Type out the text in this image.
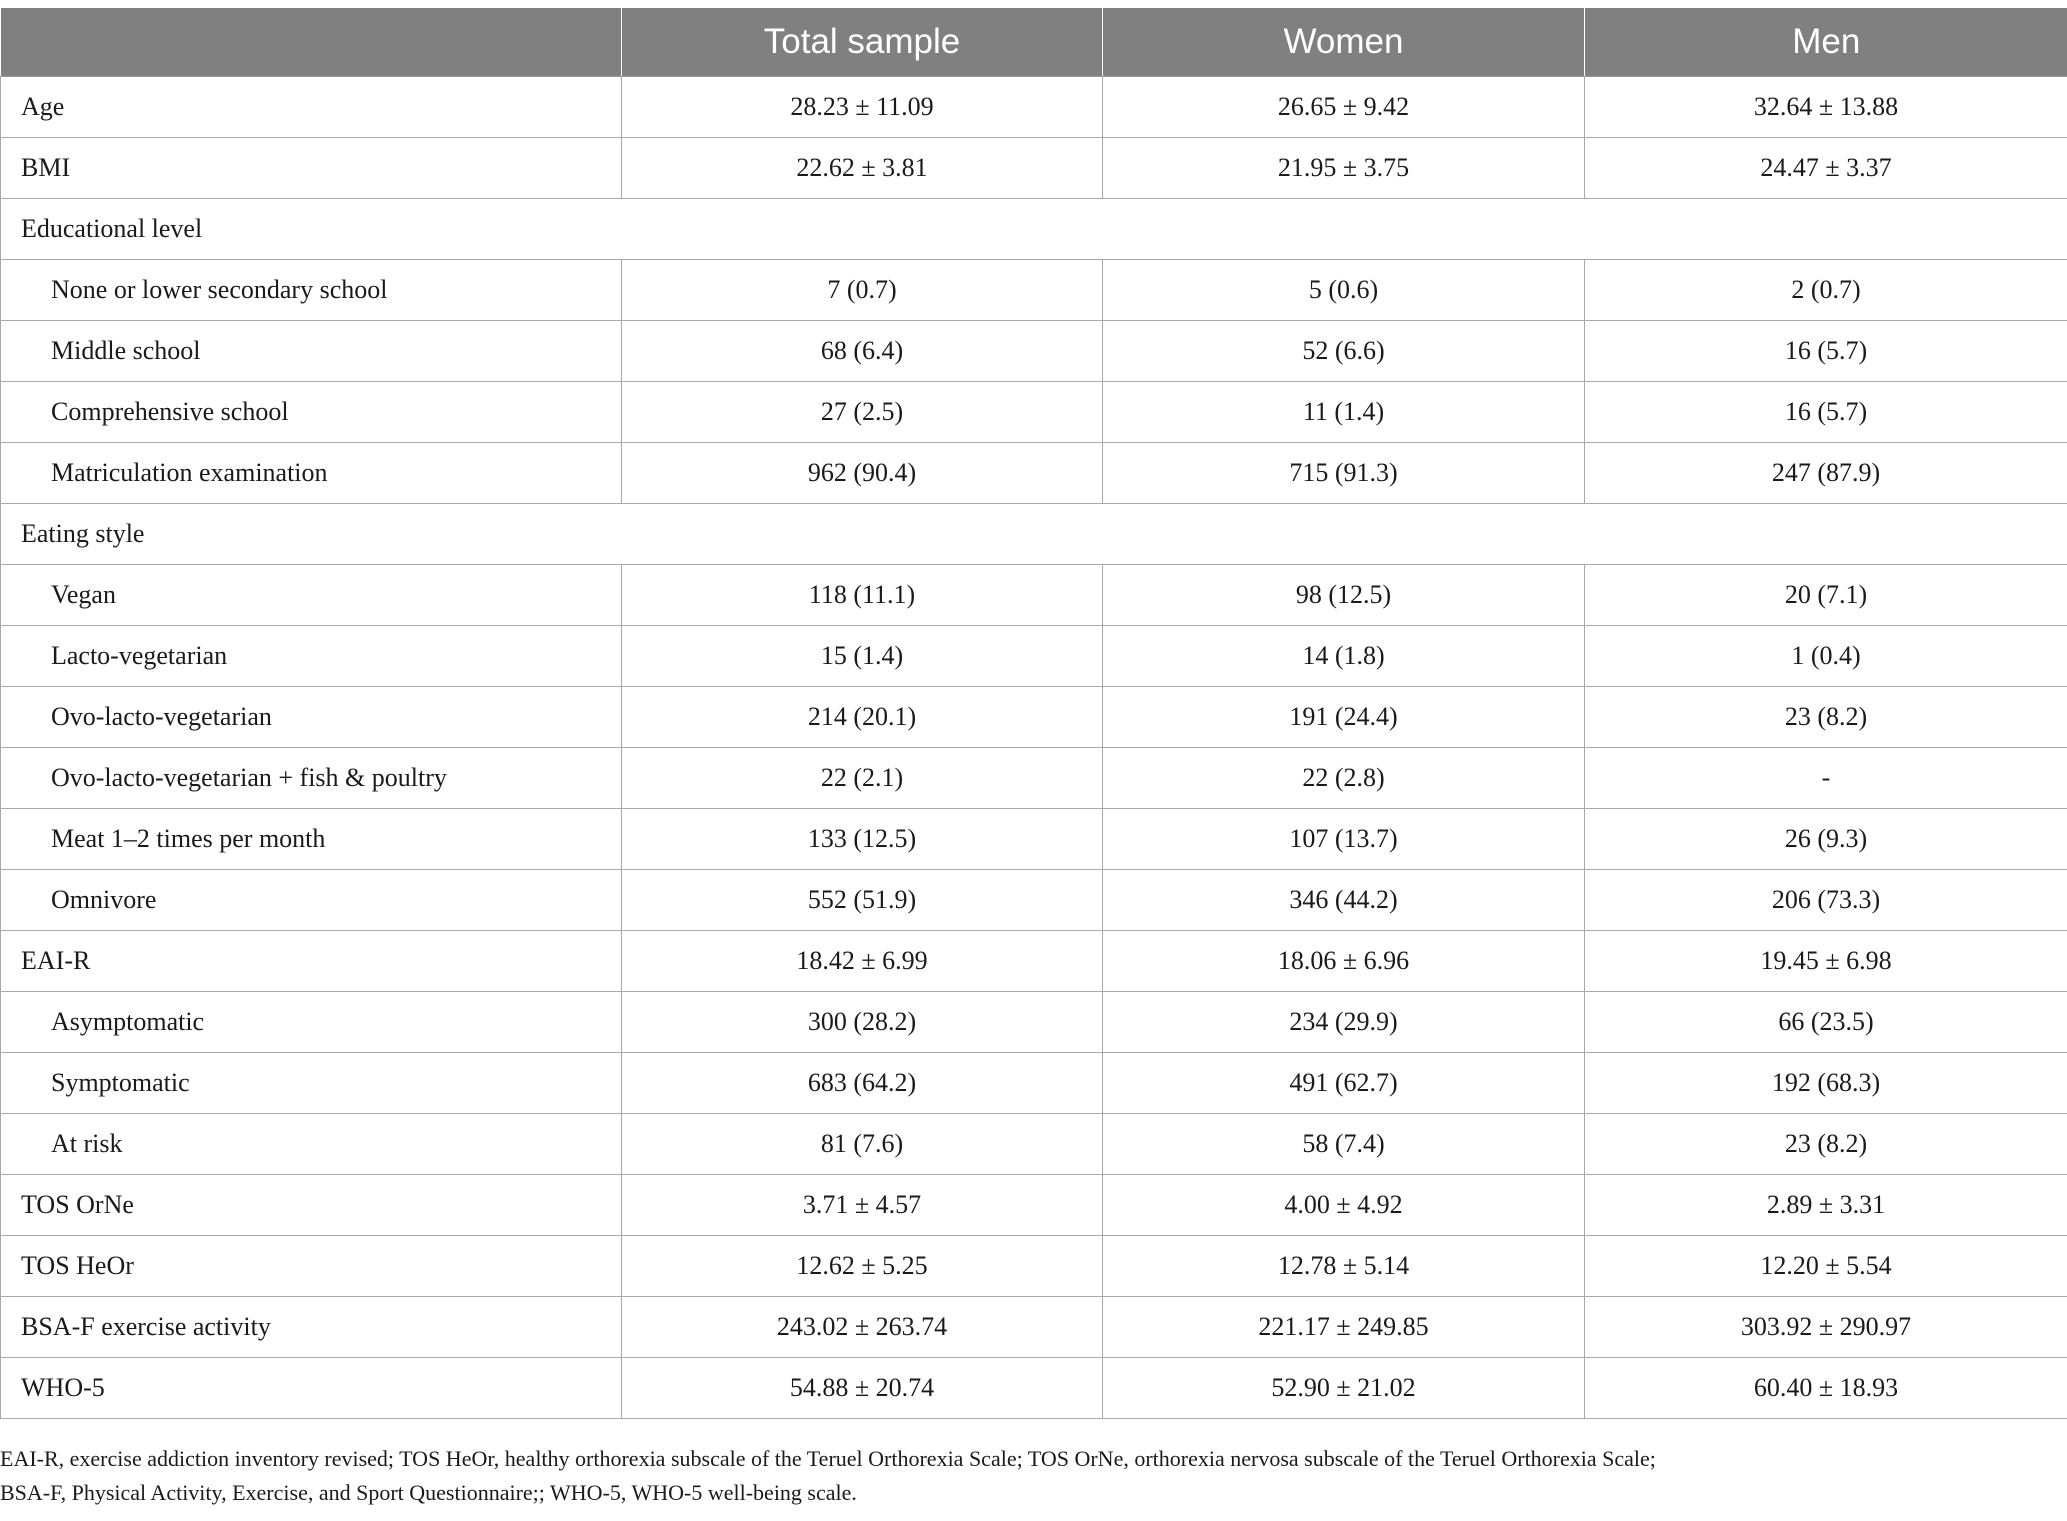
	Total sample	Women	Men
Age	28.23 ± 11.09	26.65 ± 9.42	32.64 ± 13.88
BMI	22.62 ± 3.81	21.95 ± 3.75	24.47 ± 3.37
Educational level			
None or lower secondary school	7 (0.7)	5 (0.6)	2 (0.7)
Middle school	68 (6.4)	52 (6.6)	16 (5.7)
Comprehensive school	27 (2.5)	11 (1.4)	16 (5.7)
Matriculation examination	962 (90.4)	715 (91.3)	247 (87.9)
Eating style			
Vegan	118 (11.1)	98 (12.5)	20 (7.1)
Lacto-vegetarian	15 (1.4)	14 (1.8)	1 (0.4)
Ovo-lacto-vegetarian	214 (20.1)	191 (24.4)	23 (8.2)
Ovo-lacto-vegetarian + fish & poultry	22 (2.1)	22 (2.8)	-
Meat 1–2 times per month	133 (12.5)	107 (13.7)	26 (9.3)
Omnivore	552 (51.9)	346 (44.2)	206 (73.3)
EAI-R	18.42 ± 6.99	18.06 ± 6.96	19.45 ± 6.98
Asymptomatic	300 (28.2)	234 (29.9)	66 (23.5)
Symptomatic	683 (64.2)	491 (62.7)	192 (68.3)
At risk	81 (7.6)	58 (7.4)	23 (8.2)
TOS OrNe	3.71 ± 4.57	4.00 ± 4.92	2.89 ± 3.31
TOS HeOr	12.62 ± 5.25	12.78 ± 5.14	12.20 ± 5.54
BSA-F exercise activity	243.02 ± 263.74	221.17 ± 249.85	303.92 ± 290.97
WHO-5	54.88 ± 20.74	52.90 ± 21.02	60.40 ± 18.93
EAI-R, exercise addiction inventory revised; TOS HeOr, healthy orthorexia subscale of the Teruel Orthorexia Scale; TOS OrNe, orthorexia nervosa subscale of the Teruel Orthorexia Scale;
BSA-F, Physical Activity, Exercise, and Sport Questionnaire;; WHO-5, WHO-5 well-being scale.
